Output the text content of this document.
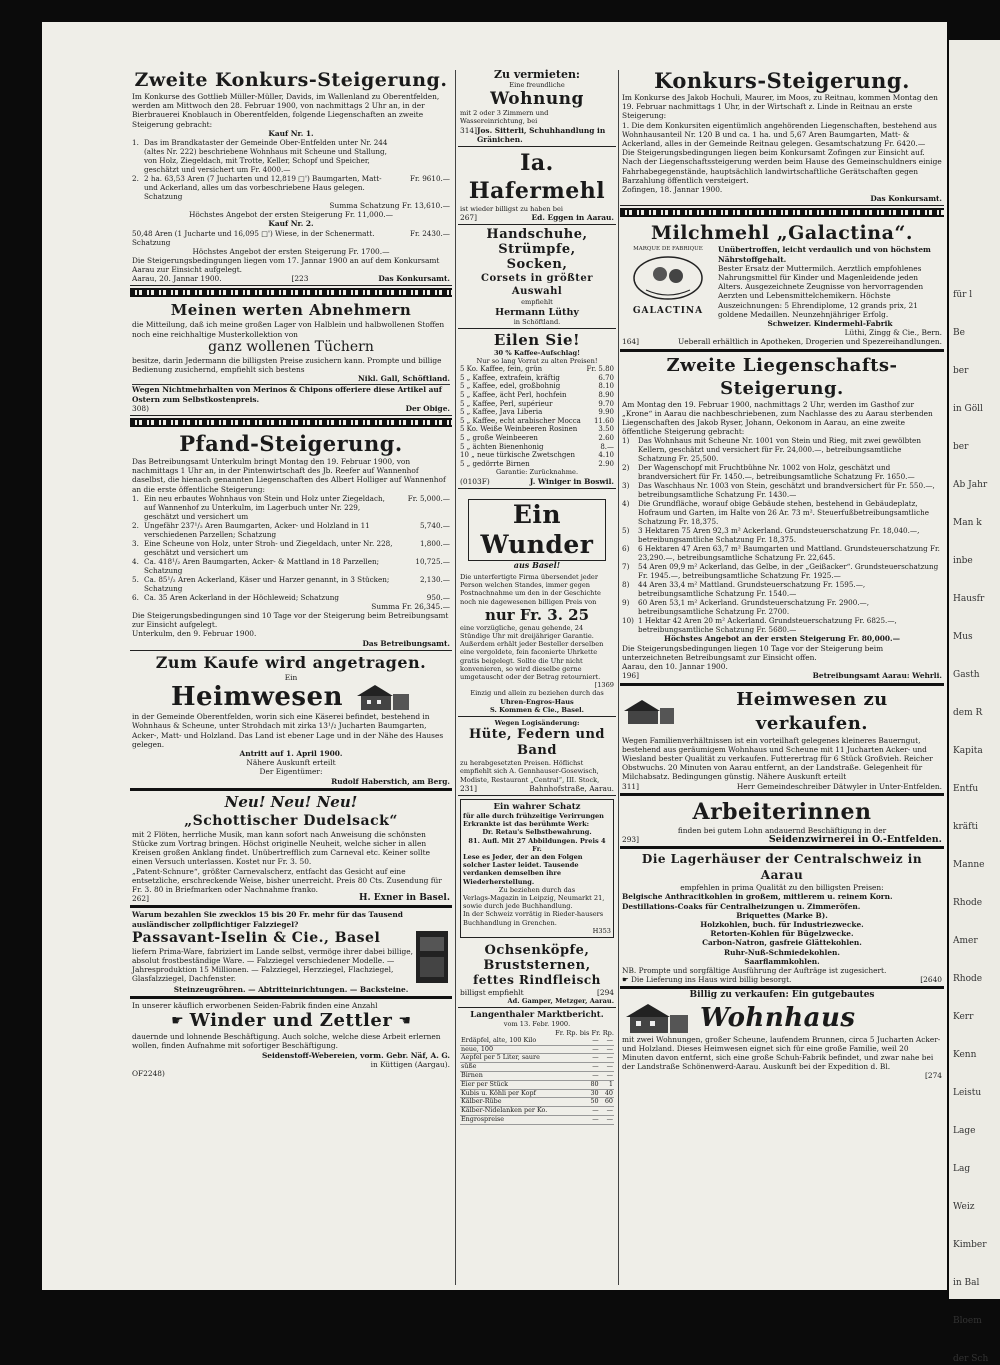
Zweite Konkurs-Steigerung.
Im Konkurse des Gottlieb Müller-Müller, Davids, im Wallenland zu Oberentfelden, werden am Mittwoch den 28. Februar 1900, von nachmittags 2 Uhr an, in der Bierbrauerei Knoblauch in Oberentfelden, folgende Liegenschaften an zweite Steigerung gebracht:
Kauf Nr. 1.
1. Das im Brandkataster der Gemeinde Ober-Entfelden unter Nr. 244 (altes Nr. 222) beschriebene Wohnhaus mit Scheune und Stallung, von Holz, Ziegeldach, mit Trotte, Keller, Schopf und Speicher, geschätzt und versichert um Fr. 4000.—
2. 2 ha. 63,53 Aren (7 Jucharten und 12,819 □') Baumgarten, Matt- und Ackerland, alles um das vorbeschriebene Haus gelegen. Schatzung
Fr. 9610.—
Summa Schatzung Fr. 13,610.—
Höchstes Angebot der ersten Steigerung Fr. 11,000.—
Kauf Nr. 2.
50,48 Aren (1 Jucharte und 16,095 □') Wiese, in der Schenermatt. Schatzung
Fr. 2430.—
Höchstes Angebot der ersten Steigerung Fr. 1700.—
Die Steigerungsbedingungen liegen vom 17. Jannar 1900 an auf dem Konkursamt Aarau zur Einsicht aufgelegt.
Aarau, 20. Jannar 1900.	[223	Das Konkursamt.
Meinen werten Abnehmern
die Mitteilung, daß ich meine großen Lager von Halblein und halbwollenen Stoffen noch eine reichhaltige Musterkollektion von
ganz wollenen Tüchern
besitze, darin Jedermann die billigsten Preise zusichern kann. Prompte und billige Bedienung zusichernd, empfiehlt sich bestens
Nikl. Gall, Schöftland.
Wegen Nichtmehrhalten von Merinos & Chipons offeriere diese Artikel auf Ostern zum Selbstkostenpreis.
308)	Der Obige.
Pfand-Steigerung.
Das Betreibungsamt Unterkulm bringt Montag den 19. Februar 1900, von nachmittags 1 Uhr an, in der Pintenwirtschaft des Jb. Reefer auf Wannenhof daselbst, die hienach genannten Liegenschaften des Albert Holliger auf Wannenhof an die erste öffentliche Steigerung:
1. Ein neu erbautes Wohnhaus von Stein und Holz unter Ziegeldach, auf Wannenhof zu Unterkulm, im Lagerbuch unter Nr. 229, geschätzt und versichert um
Fr. 5,000.—
2. Ungefähr 237¹/₂ Aren Baumgarten, Acker- und Holzland in 11 verschiedenen Parzellen; Schatzung
5,740.—
3. Eine Scheune von Holz, unter Stroh- und Ziegeldach, unter Nr. 228, geschätzt und versichert um
1,800.—
4. Ca. 418¹/₂ Aren Baumgarten, Acker- & Mattland in 18 Parzellen; Schatzung
10,725.—
5. Ca. 85¹/₂ Aren Ackerland, Käser und Harzer genannt, in 3 Stücken; Schatzung
2,130.—
6. Ca. 35 Aren Ackerland in der Höchleweid; Schatzung	950.—
Summa Fr. 26,345.—
Die Steigerungsbedingungen sind 10 Tage vor der Steigerung beim Betreibungsamt zur Einsicht aufgelegt.
Unterkulm, den 9. Februar 1900.
Das Betreibungsamt.
Zum Kaufe wird angetragen.
Ein
Heimwesen
in der Gemeinde Oberentfelden, worin sich eine Käserei befindet, bestehend in Wohnhaus & Scheune, unter Strohdach mit zirka 13¹/₂ Jucharten Baumgarten, Acker-, Matt- und Holzland. Das Land ist ebener Lage und in der Nähe des Hauses gelegen.
Antritt auf 1. April 1900.
Nähere Auskunft erteilt
Der Eigentümer:
Rudolf Haberstich, am Berg.
Neu! Neu! Neu!
„Schottischer Dudelsack“
mit 2 Flöten, herrliche Musik, man kann sofort nach Anweisung die schönsten Stücke zum Vortrag bringen. Höchst originelle Neuheit, welche sicher in allen Kreisen großen Anklang findet. Unübertrefflich zum Carneval etc. Keiner sollte einen Versuch unterlassen. Kostet nur Fr. 3. 50.
„Patent-Schnure“, größter Carnevalscherz, entfacht das Gesicht auf eine entsetzliche, erschreckende Weise, bisher unerreicht. Preis 80 Cts. Zusendung für Fr. 3. 80 in Briefmarken oder Nachnahme franko.
262]	H. Exner in Basel.
Warum bezahlen Sie zwecklos 15 bis 20 Fr. mehr für das Tausend ausländischer zollpflichtiger Falzziegel?
Passavant-Iselin & Cie., Basel
liefern Prima-Ware, fabriziert im Lande selbst, vermöge ihrer dabei billige, absolut frostbeständige Ware. — Falzziegel verschiedener Modelle. — Jahresproduktion 15 Millionen. — Falzziegel, Herzziegel, Flachziegel, Glasfalzziegel, Dachfenster.
Steinzeugröhren. — Abtritteinrichtungen. — Backsteine.
In unserer käuflich erworbenen Seiden-Fabrik finden eine Anzahl
☛ Winder und Zettler ☚
dauernde und lohnende Beschäftigung. Auch solche, welche diese Arbeit erlernen wollen, finden Aufnahme mit sofortiger Beschäftigung.
Seidenstoff-Webereien, vorm. Gebr. Näf, A. G.
in Küttigen (Aargau).
OF2248)
Zu vermieten:
Eine freundliche
Wohnung
mit 2 oder 3 Zimmern und Wassereinrichtung, bei
314] Jos. Sitterli, Schuhhandlung in Gränichen.
Ia. Hafermehl
ist wieder billigst zu haben bei
267]	Ed. Eggen in Aarau.
Handschuhe,
Strümpfe,
Socken,
Corsets in größter Auswahl
empfiehlt
Hermann Lüthy
in Schöftland.
Eilen Sie!
30 % Kaffee-Aufschlag!
Nur so lang Vorrat zu alten Preisen!
5 Ko. Kaffee, fein, grün	Fr. 5.80
5 „ Kaffee, extrafein, kräftig	6.70
5 „ Kaffee, edel, großbohnig	8.10
5 „ Kaffee, ächt Perl, hochfein	8.90
5 „ Kaffee, Perl, supérieur	9.70
5 „ Kaffee, Java Liberia	9.90
5 „ Kaffee, echt arabischer Mocca	11.60
5 Ko. Weiße Weinbeeren Rosinen	3.50
5 „ große Weinbeeren	2.60
5 „ ächten Bienenhonig	8.—
10 „ neue türkische Zwetschgen	4.10
5 „ gedörrte Birnen	2.90
Garantie: Zurücknahme.
(0103F)	J. Winiger in Boswil.
Ein Wunder
aus Basel!
Die unterfertigte Firma übersendet jeder Person welchen Standes, immer gegen Postnachnahme um den in der Geschichte noch nie dagewesenen billigen Preis von
nur Fr. 3. 25
eine vorzügliche, genau gehende, 24 Stündige Uhr mit dreijähriger Garantie. Außerdem erhält jeder Besteller derselben eine vergoldete, fein faconierte Uhrkette gratis beigelegt. Sollte die Uhr nicht konvenieren, so wird dieselbe gerne umgetauscht oder der Betrag retourniert.
[1369
Einzig und allein zu beziehen durch das
Uhren-Engros-Haus
S. Kommen & Cie., Basel.
Wegen Logisänderung:
Hüte, Federn und Band
zu herabgesetzten Preisen. Höflichst empfiehlt sich A. Gennhauser-Gosewisch, Modiste, Restaurant „Central“, III. Stock,
231]	Bahnhofstraße, Aarau.
Ein wahrer Schatz
für alle durch frühzeitige Verirrungen Erkrankte ist das berühmte Werk:
Dr. Retau's Selbstbewahrung.
81. Aufl. Mit 27 Abbildungen. Preis 4 Fr.
Lese es Jeder, der an den Folgen solcher Laster leidet. Tausende verdanken demselben ihre Wiederherstellung.
Zu beziehen durch das
Verlags-Magazin in Leipzig, Neumarkt 21, sowie durch jede Buchhandlung.
In der Schweiz vorrätig in Rieder-hausers Buchhandlung in Grenchen.
H353
Ochsenköpfe,
Bruststernen,
fettes Rindfleisch
billigst empfiehlt	[294
Ad. Gamper, Metzger, Aarau.
Langenthaler Marktbericht.
vom 13. Febr. 1900.
Fr. Rp. bis Fr. Rp.
Erdäpfel, alte, 100 Kilo	—	—
neue, 100	—	—
Aepfel per 5 Liter, saure	—	—
süße	—	—
Birnen	—	—
Eier per Stück	80	1
Kubis u. Köhli per Kopf	30	40
Kälber-Rübe	50	60
Kälber-Nidelanken per Ko.	—	—
Engrospreise	—	—
Konkurs-Steigerung.
Im Konkurse des Jakob Hochuli, Maurer, im Moos, zu Reitnau, kommen Montag den 19. Februar nachmittags 1 Uhr, in der Wirtschaft z. Linde in Reitnau an erste Steigerung:
1. Die dem Konkursiten eigentümlich angehörenden Liegenschaften, bestehend aus Wohnhausanteil Nr. 120 B und ca. 1 ha. und 5,67 Aren Baumgarten, Matt- & Ackerland, alles in der Gemeinde Reitnau gelegen. Gesamtschatzung Fr. 6420.—
Die Steigerungsbedingungen liegen beim Konkursamt Zofingen zur Einsicht auf.
Nach der Liegenschaftssteigerung werden beim Hause des Gemeinschuldners einige Fahrhabegegenstände, hauptsächlich landwirtschaftliche Gerätschaften gegen Barzahlung öffentlich versteigert.
Zofingen, 18. Jannar 1900.
Das Konkursamt.
Milchmehl „Galactina“.
MARQUE DE FABRIQUE
GALACTINA
Unübertroffen, leicht verdaulich und von höchstem Nährstoffgehalt.
Bester Ersatz der Muttermilch. Aerztlich empfohlenes Nahrungsmittel für Kinder und Magenleidende jeden Alters. Ausgezeichnete Zeugnisse von hervorragenden Aerzten und Lebensmittelchemikern. Höchste Auszeichnungen: 5 Ehrendiplome, 12 grands prix, 21 goldene Medaillen. Neunzehnjähriger Erfolg.
Schweizer. Kindermehl-Fabrik
Lüthi, Zingg & Cie., Bern.
164]	Ueberall erhältlich in Apotheken, Drogerien und Spezereihandlungen.
Zweite Liegenschafts-Steigerung.
Am Montag den 19. Februar 1900, nachmittags 2 Uhr, werden im Gasthof zur „Krone“ in Aarau die nachbeschriebenen, zum Nachlasse des zu Aarau sterbenden Liegenschaften des Jakob Ryser, Johann, Oekonom in Aarau, an eine zweite öffentliche Steigerung gebracht:
1)	Das Wohnhaus mit Scheune Nr. 1001 von Stein und Rieg, mit zwei gewölbten Kellern, geschätzt und versichert für Fr. 24,000.—, betreibungsamtliche Schatzung Fr. 25,500.
2)	Der Wagenschopf mit Fruchtbühne Nr. 1002 von Holz, geschätzt und brandversichert für Fr. 1450.—, betreibungsamtliche Schatzung Fr. 1650.—
3)	Das Waschhaus Nr. 1003 von Stein, geschätzt und brandversichert für Fr. 550.—, betreibungsamtliche Schatzung Fr. 1430.—
4)	Die Grundfläche, worauf obige Gebäude stehen, bestehend in Gebäudeplatz, Hofraum und Garten, im Halte von 26 Ar. 73 m². Steuerfußbetreibungsamtliche Schatzung Fr. 18,375.
5)	3 Hektaren 75 Aren 92,3 m² Ackerland. Grundsteuerschatzung Fr. 18,040.—, betreibungsamtliche Schatzung Fr. 18,375.
6)	6 Hektaren 47 Aren 63,7 m² Baumgarten und Mattland. Grundsteuerschatzung Fr. 23,290.—, betreibungsamtliche Schatzung Fr. 22,645.
7)	54 Aren 09,9 m² Ackerland, das Gelbe, in der „Geißacker“. Grundsteuerschatzung Fr. 1945.—, betreibungsamtliche Schatzung Fr. 1925.—
8)	44 Aren 33,4 m² Mattland. Grundsteuerschatzung Fr. 1595.—, betreibungsamtliche Schatzung Fr. 1540.—
9)	60 Aren 53,1 m² Ackerland. Grundsteuerschatzung Fr. 2900.—, betreibungsamtliche Schatzung Fr. 2700.
10) 1 Hektar 42 Aren 20 m² Ackerland. Grundsteuerschatzung Fr. 6825.—, betreibungsamtliche Schatzung Fr. 5680.—
Höchstes Angebot an der ersten Steigerung Fr. 80,000.—
Die Steigerungsbedingungen liegen 10 Tage vor der Steigerung beim unterzeichneten Betreibungsamt zur Einsicht offen.
Aarau, den 10. Jannar 1900.
196]	Betreibungsamt Aarau: Wehrli.
Heimwesen zu verkaufen.
Wegen Familienverhältnissen ist ein vorteilhaft gelegenes kleineres Bauerngut, bestehend aus geräumigem Wohnhaus und Scheune mit 11 Jucharten Acker- und Wiesland bester Qualität zu verkaufen. Futterertrag für 6 Stück Großvieh. Reicher Obstwuchs. 20 Minuten von Aarau entfernt, an der Landstraße. Gelegenheit für Milchabsatz. Bedingungen günstig. Nähere Auskunft erteilt
311]	Herr Gemeindeschreiber Dätwyler in Unter-Entfelden.
Arbeiterinnen
finden bei gutem Lohn andauernd Beschäftigung in der
293]	Seidenzwirnerei in O.-Entfelden.
Die Lagerhäuser der Centralschweiz in Aarau
empfehlen in prima Qualität zu den billigsten Preisen:
Belgische Anthracitkohlen in großem, mittlerem u. reinem Korn.
Destillations-Coaks für Centralheizungen u. Zimmeröfen.
Briquettes (Marke B).
Holzkohlen, buch. für Industriezwecke.
Retorten-Kohlen für Bügelzwecke.
Carbon-Natron, gasfreie Glättekohlen.
Ruhr-Nuß-Schmiedekohlen.
Saarflammkohlen.
NB. Prompte und sorgfältige Ausführung der Aufträge ist zugesichert.
☛ Die Lieferung ins Haus wird billig besorgt.	[2640
Billig zu verkaufen: Ein gutgebautes
Wohnhaus
mit zwei Wohnungen, großer Scheune, laufendem Brunnen, circa 5 Jucharten Acker- und Holzland. Dieses Heimwesen eignet sich für eine große Familie, weil 20 Minuten davon entfernt, sich eine große Schuh-Fabrik befindet, und zwar nahe bei der Landstraße Schönenwerd-Aarau. Auskunft bei der Expedition d. Bl.
[274
für l
Be
ber
in Göll
ber
Ab Jahr
Man k
inbe
Hausfr
Mus
Gasth
dem R
Kapita
Entfu
kräfti
Manne
Rhode
Amer
Rhode
Kerr
Kenn
Leistu
Lage
Lag
Weiz
Kimber
in Bal
Bloem
der Sch
